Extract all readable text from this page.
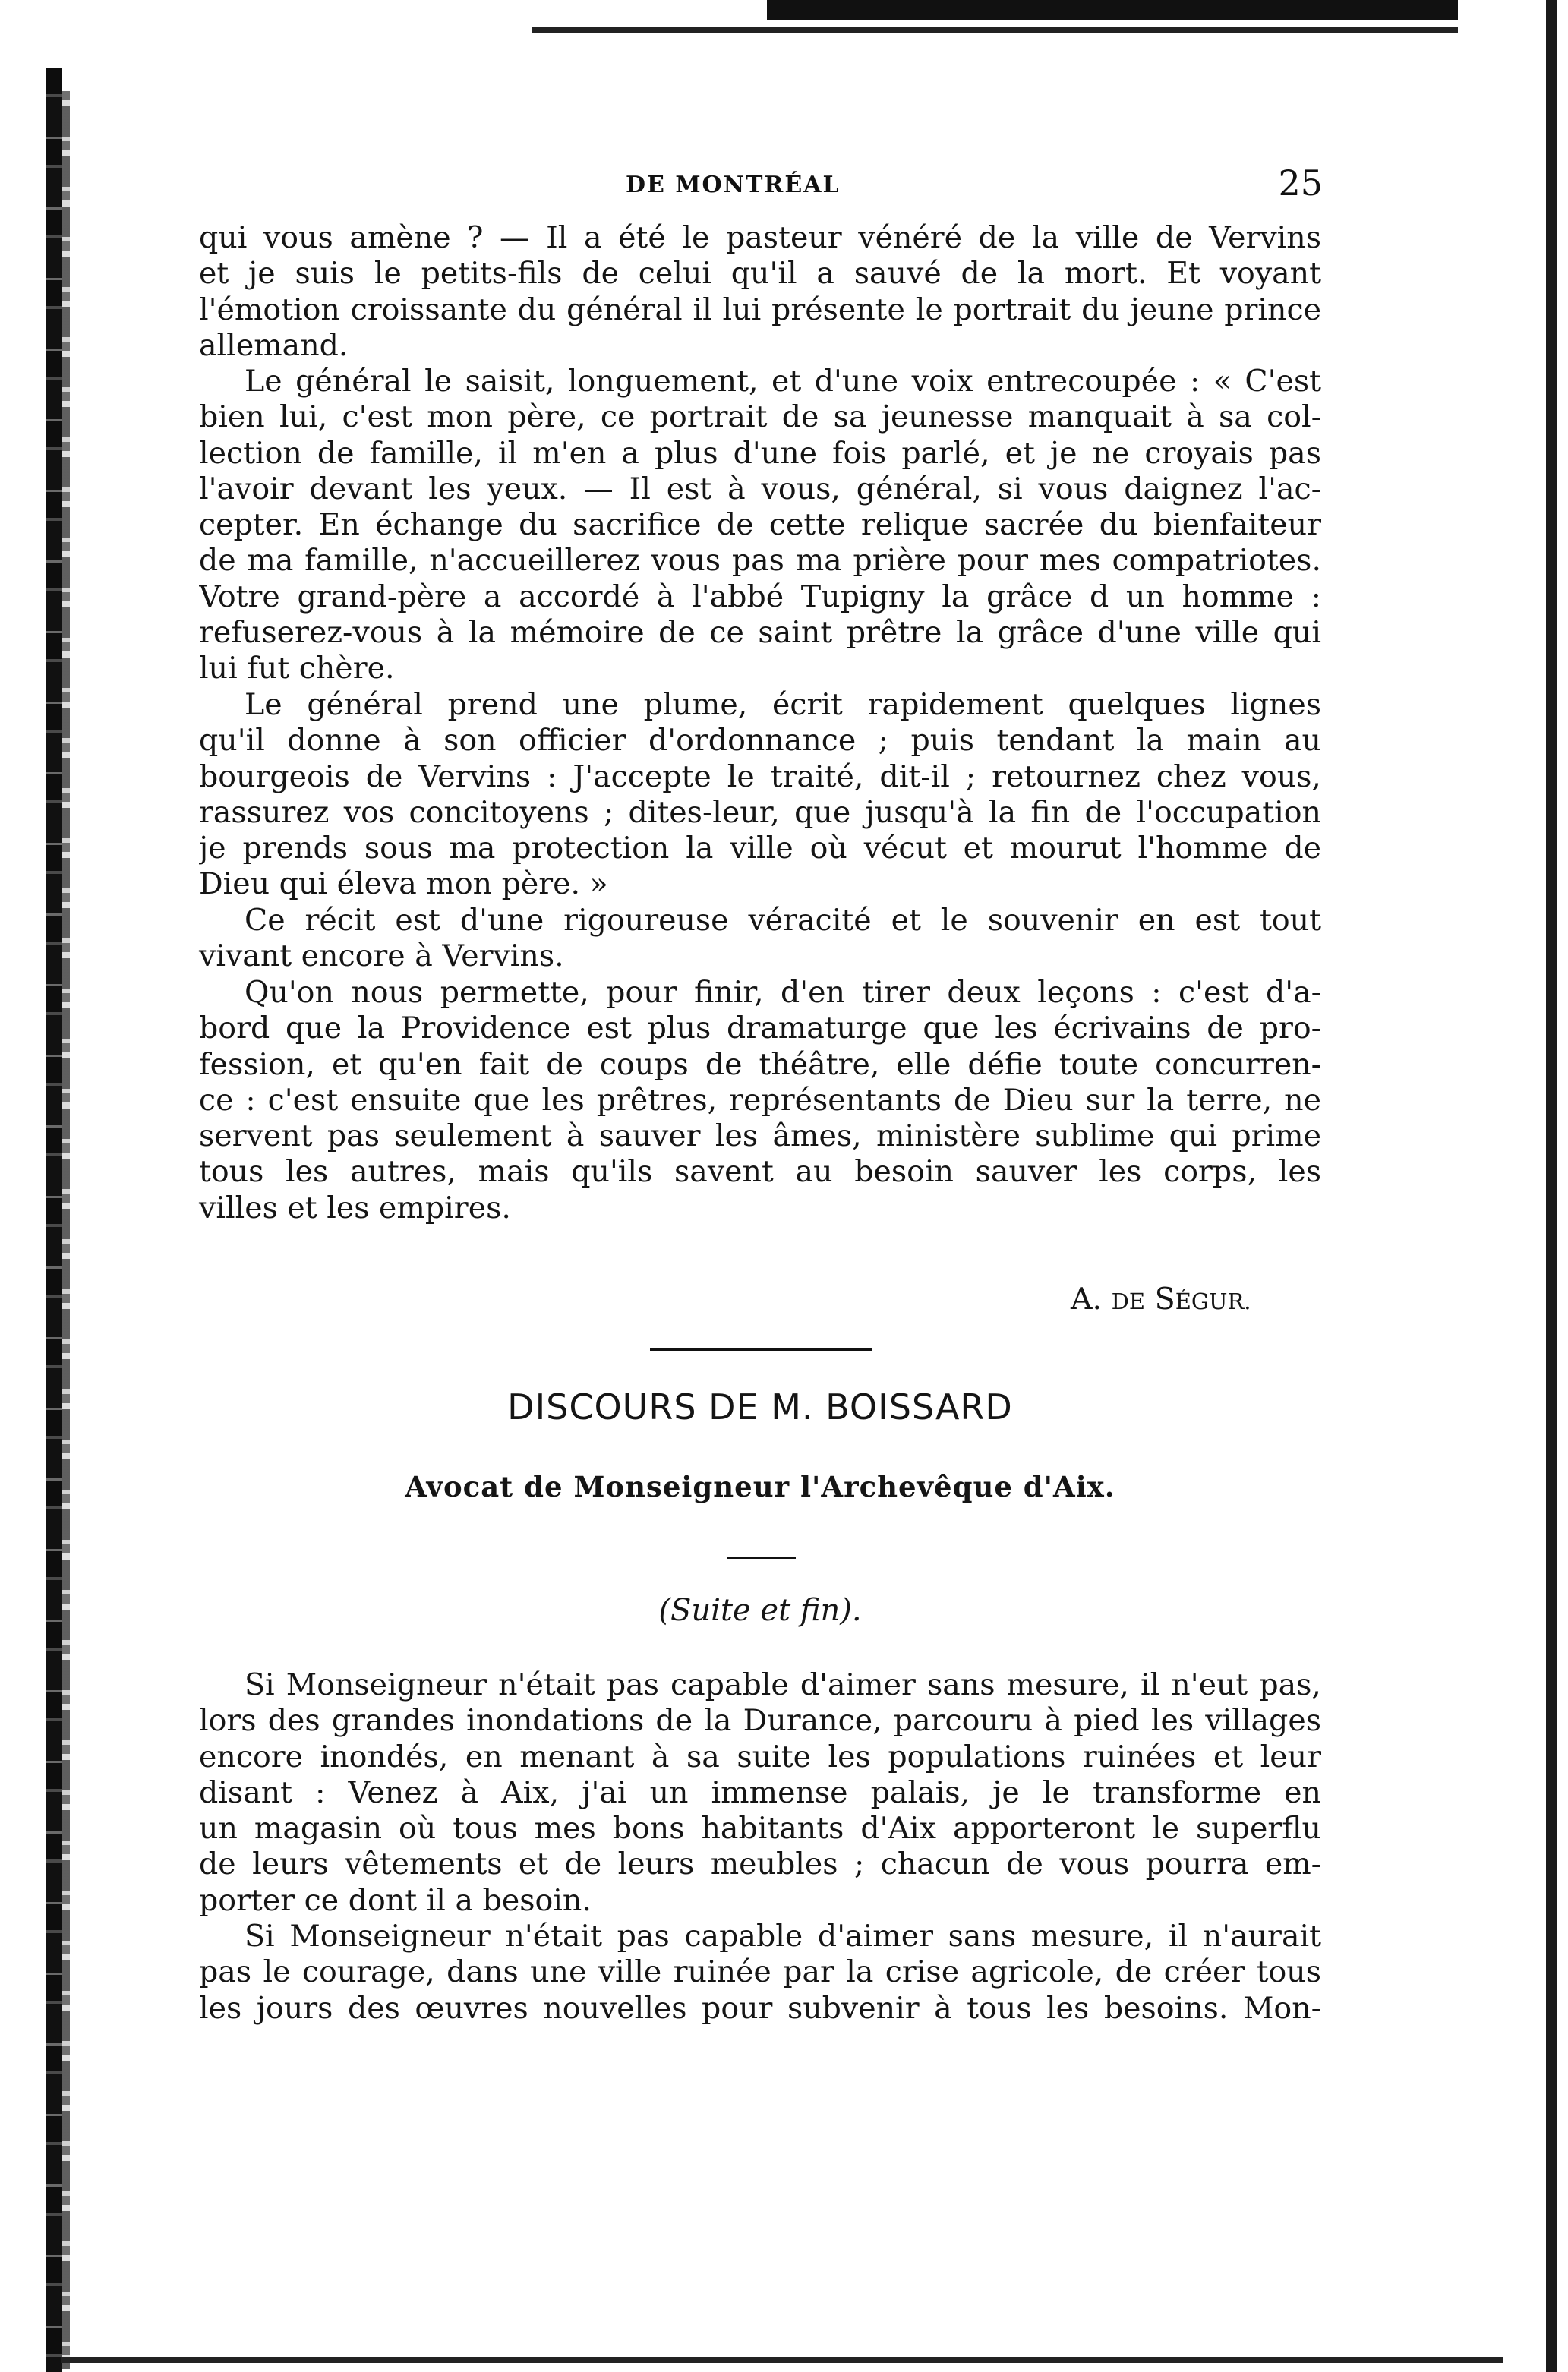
DE MONTRÉAL	25
qui vous amène ? — Il a été le pasteur vénéré de la ville de Vervins
et je suis le petits-fils de celui qu'il a sauvé de la mort. Et voyant
l'émotion croissante du général il lui présente le portrait du jeune prince
allemand.
Le général le saisit, longuement, et d'une voix entrecoupée : « C'est
bien lui, c'est mon père, ce portrait de sa jeunesse manquait à sa col-
lection de famille, il m'en a plus d'une fois parlé, et je ne croyais pas
l'avoir devant les yeux. — Il est à vous, général, si vous daignez l'ac-
cepter. En échange du sacrifice de cette relique sacrée du bienfaiteur
de ma famille, n'accueillerez vous pas ma prière pour mes compatriotes.
Votre grand-père a accordé à l'abbé Tupigny la grâce d un homme :
refuserez-vous à la mémoire de ce saint prêtre la grâce d'une ville qui
lui fut chère.
Le général prend une plume, écrit rapidement quelques lignes
qu'il donne à son officier d'ordonnance ; puis tendant la main au
bourgeois de Vervins : J'accepte le traité, dit-il ; retournez chez vous,
rassurez vos concitoyens ; dites-leur, que jusqu'à la fin de l'occupation
je prends sous ma protection la ville où vécut et mourut l'homme de
Dieu qui éleva mon père. »
Ce récit est d'une rigoureuse véracité et le souvenir en est tout
vivant encore à Vervins.
Qu'on nous permette, pour finir, d'en tirer deux leçons : c'est d'a-
bord que la Providence est plus dramaturge que les écrivains de pro-
fession, et qu'en fait de coups de théâtre, elle défie toute concurren-
ce : c'est ensuite que les prêtres, représentants de Dieu sur la terre, ne
servent pas seulement à sauver les âmes, ministère sublime qui prime
tous les autres, mais qu'ils savent au besoin sauver les corps, les
villes et les empires.
A. DE SÉGUR.
DISCOURS DE M. BOISSARD
Avocat de Monseigneur l'Archevêque d'Aix.
(Suite et fin).
Si Monseigneur n'était pas capable d'aimer sans mesure, il n'eut pas,
lors des grandes inondations de la Durance, parcouru à pied les villages
encore inondés, en menant à sa suite les populations ruinées et leur
disant : Venez à Aix, j'ai un immense palais, je le transforme en
un magasin où tous mes bons habitants d'Aix apporteront le superflu
de leurs vêtements et de leurs meubles ; chacun de vous pourra em-
porter ce dont il a besoin.
Si Monseigneur n'était pas capable d'aimer sans mesure, il n'aurait
pas le courage, dans une ville ruinée par la crise agricole, de créer tous
les jours des œuvres nouvelles pour subvenir à tous les besoins. Mon-
